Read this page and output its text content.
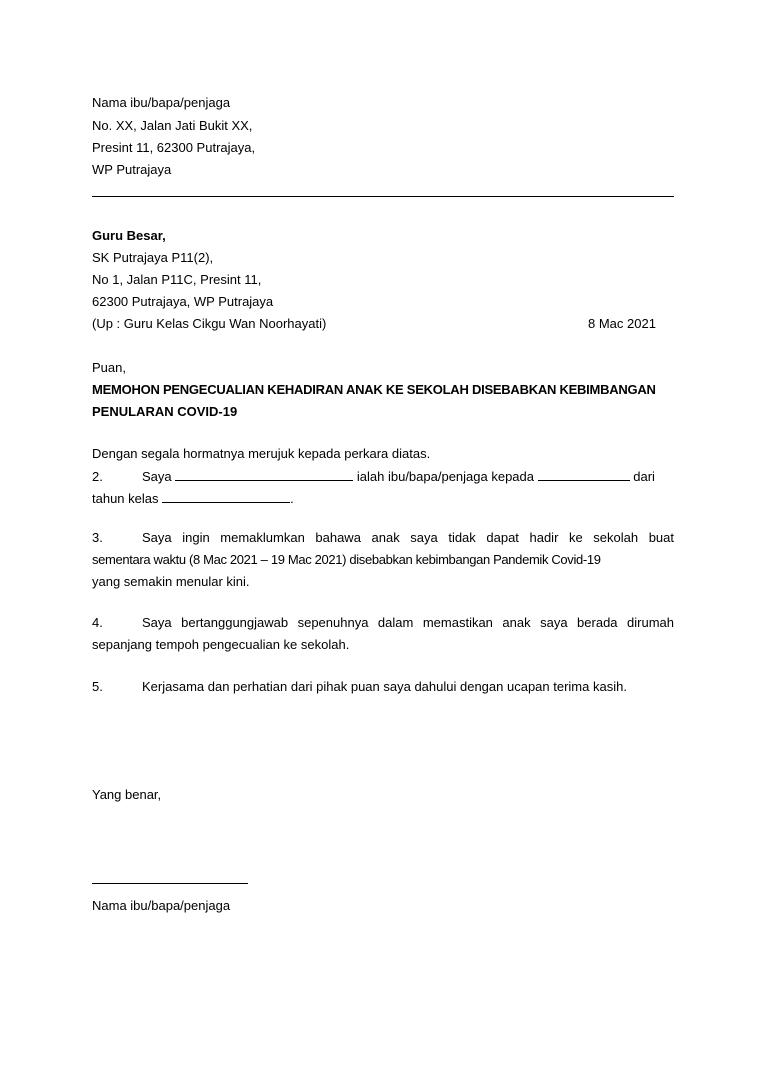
Nama ibu/bapa/penjaga
No. XX, Jalan Jati Bukit XX,
Presint 11, 62300 Putrajaya,
WP Putrajaya
Guru Besar,
SK Putrajaya P11(2),
No 1, Jalan P11C, Presint 11,
62300 Putrajaya, WP Putrajaya
(Up : Guru Kelas Cikgu Wan Noorhayati)	8 Mac 2021
Puan,
MEMOHON PENGECUALIAN KEHADIRAN ANAK KE SEKOLAH DISEBABKAN KEBIMBANGAN
PENULARAN COVID-19
Dengan segala hormatnya merujuk kepada perkara diatas.
2.	Saya	ialah ibu/bapa/penjaga kepada	dari
tahun kelas	.
3.	Saya ingin memaklumkan bahawa anak saya tidak dapat hadir ke sekolah buat
sementara waktu (8 Mac 2021 – 19 Mac 2021) disebabkan kebimbangan Pandemik Covid-19
yang semakin menular kini.
4.	Saya bertanggungjawab sepenuhnya dalam memastikan anak saya berada dirumah
sepanjang tempoh pengecualian ke sekolah.
5.	Kerjasama dan perhatian dari pihak puan saya dahului dengan ucapan terima kasih.
Yang benar,
Nama ibu/bapa/penjaga
